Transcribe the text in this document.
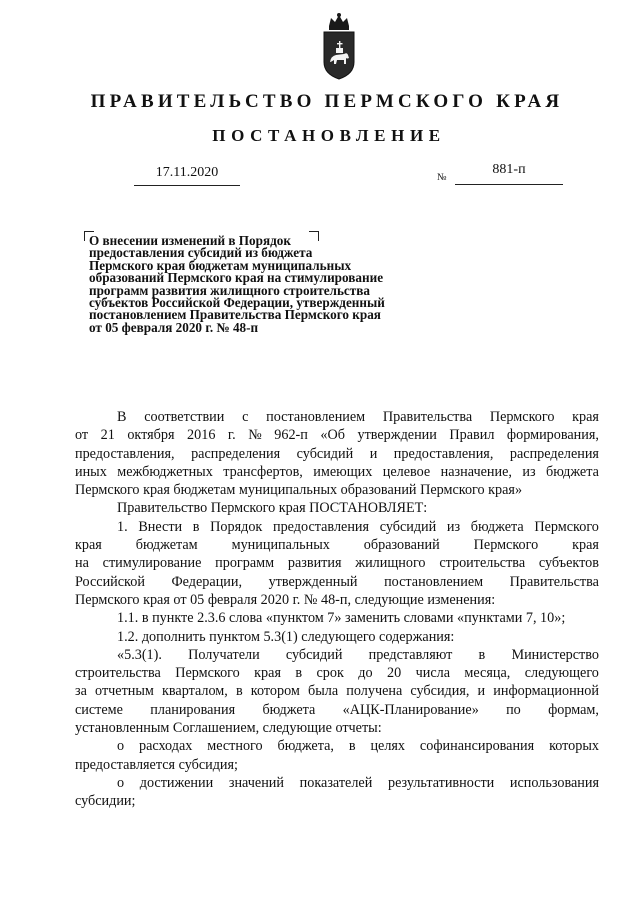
ПРАВИТЕЛЬСТВО ПЕРМСКОГО КРАЯ
ПОСТАНОВЛЕНИЕ
17.11.2020	№
881-п
О внесении изменений в Порядок
предоставления субсидий из бюджета
Пермского края бюджетам муниципальных
образований Пермского края на стимулирование
программ развития жилищного строительства
субъектов Российской Федерации, утвержденный
постановлением Правительства Пермского края
от 05 февраля 2020 г. № 48-п
В соответствии с постановлением Правительства Пермского края
от 21 октября 2016 г. № 962-п «Об утверждении Правил формирования,
предоставления, распределения субсидий и предоставления, распределения
иных межбюджетных трансфертов, имеющих целевое назначение, из бюджета
Пермского края бюджетам муниципальных образований Пермского края»
Правительство Пермского края ПОСТАНОВЛЯЕТ:
1. Внести в Порядок предоставления субсидий из бюджета Пермского
края бюджетам муниципальных образований Пермского края
на стимулирование программ развития жилищного строительства субъектов
Российской Федерации, утвержденный постановлением Правительства
Пермского края от 05 февраля 2020 г. № 48-п, следующие изменения:
1.1. в пункте 2.3.6 слова «пунктом 7» заменить словами «пунктами 7, 10»;
1.2. дополнить пунктом 5.3(1) следующего содержания:
«5.3(1). Получатели субсидий представляют в Министерство
строительства Пермского края в срок до 20 числа месяца, следующего
за отчетным кварталом, в котором была получена субсидия, и информационной
системе планирования бюджета «АЦК-Планирование» по формам,
установленным Соглашением, следующие отчеты:
о расходах местного бюджета, в целях софинансирования которых
предоставляется субсидия;
о достижении значений показателей результативности использования
субсидии;
